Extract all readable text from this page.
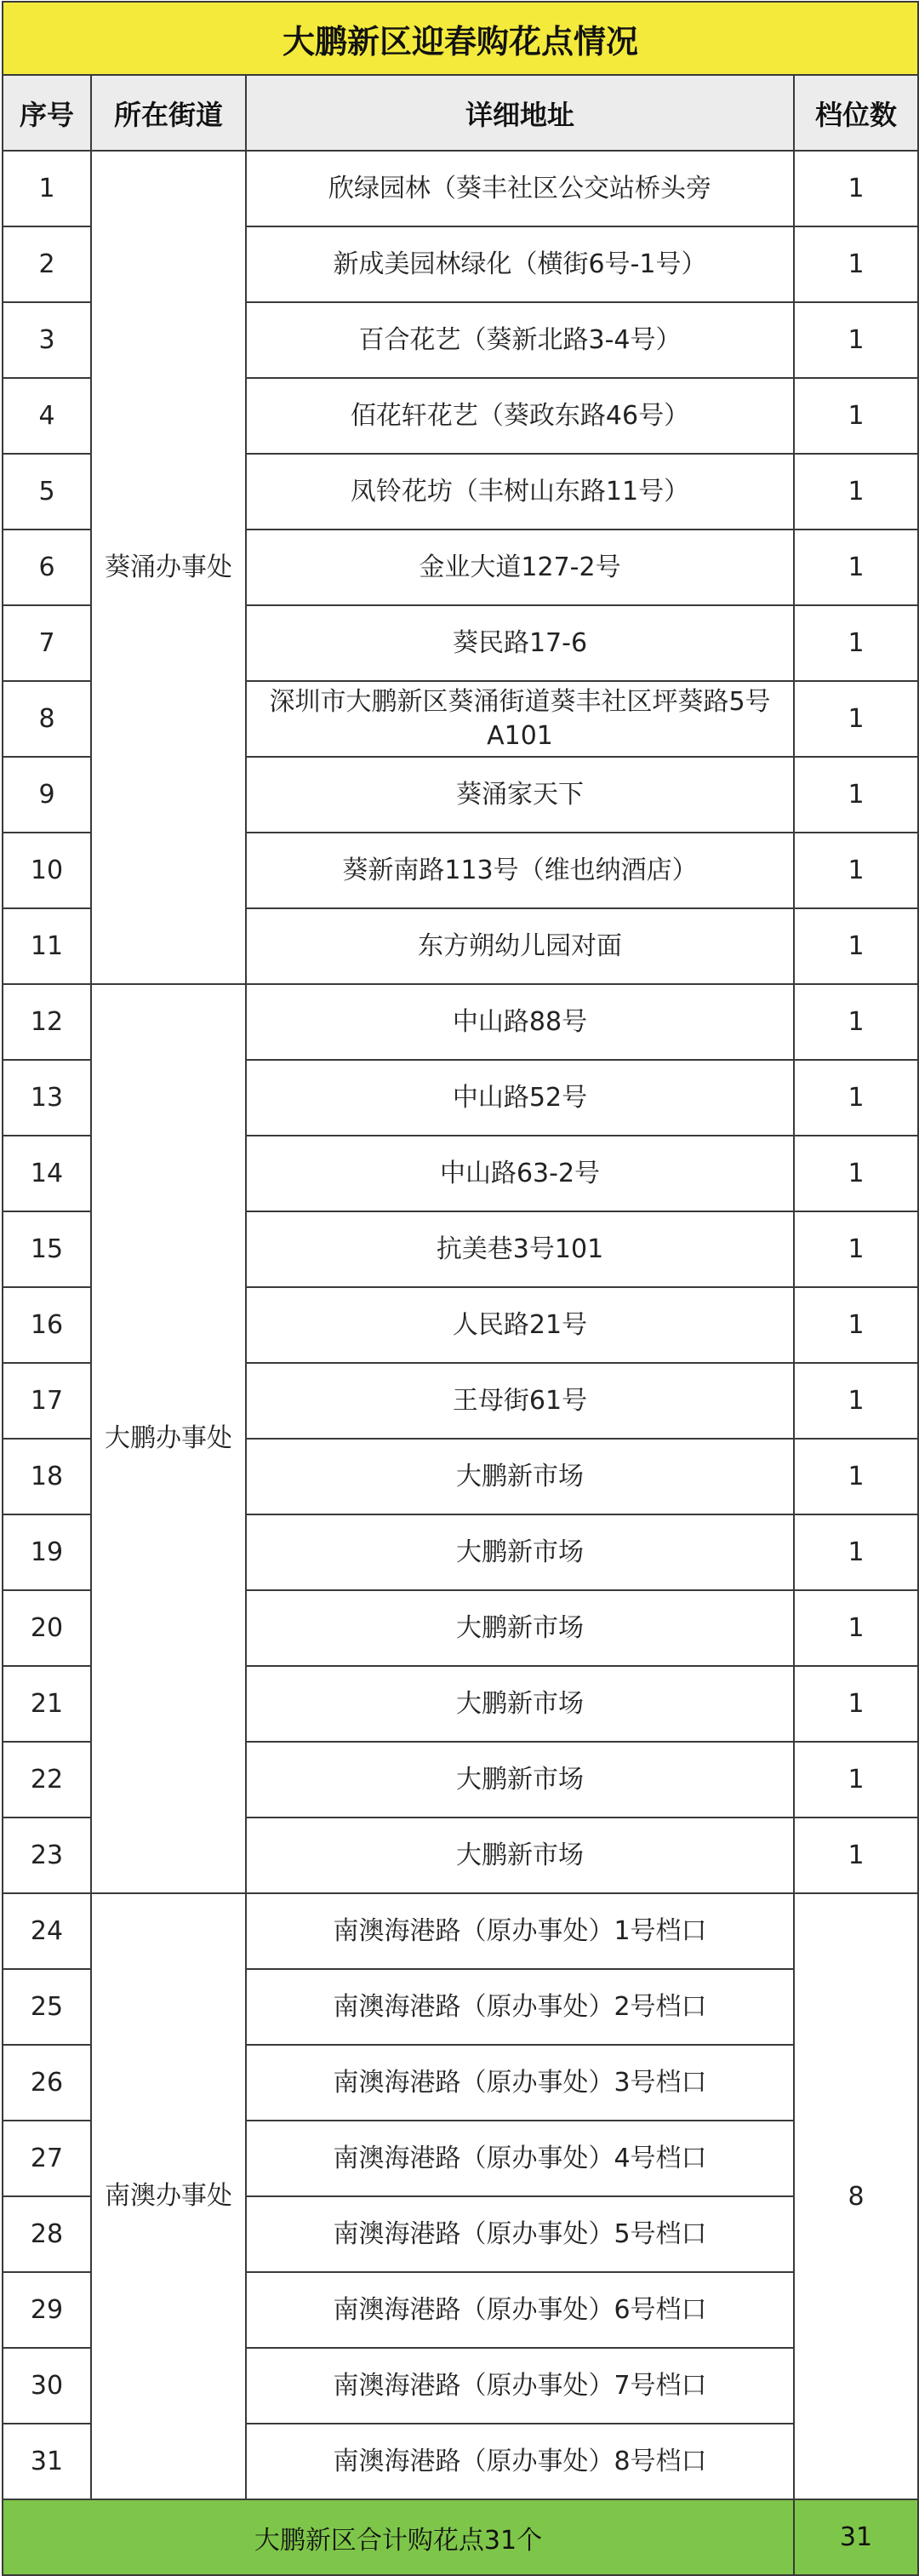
大鹏新区迎春购花点情况			
序号	所在街道	详细地址	档位数
1	葵涌办事处	欣绿园林（葵丰社区公交站桥头旁	1
2		新成美园林绿化（横街6号-1号）	1
3		百合花艺（葵新北路3-4号）	1
4		佰花轩花艺（葵政东路46号）	1
5		凤铃花坊（丰树山东路11号）	1
6		金业大道127-2号	1
7		葵民路17-6	1
8		深圳市大鹏新区葵涌街道葵丰社区坪葵路5号A101	1
9		葵涌家天下	1
10		葵新南路113号（维也纳酒店）	1
11		东方朔幼儿园对面	1
12	大鹏办事处	中山路88号	1
13		中山路52号	1
14		中山路63-2号	1
15		抗美巷3号101	1
16		人民路21号	1
17		王母街61号	1
18		大鹏新市场	1
19		大鹏新市场	1
20		大鹏新市场	1
21		大鹏新市场	1
22		大鹏新市场	1
23		大鹏新市场	1
24	南澳办事处	南澳海港路（原办事处）1号档口	8
25		南澳海港路（原办事处）2号档口	
26		南澳海港路（原办事处）3号档口	
27		南澳海港路（原办事处）4号档口	
28		南澳海港路（原办事处）5号档口	
29		南澳海港路（原办事处）6号档口	
30		南澳海港路（原办事处）7号档口	
31		南澳海港路（原办事处）8号档口	
大鹏新区合计购花点31个			31
